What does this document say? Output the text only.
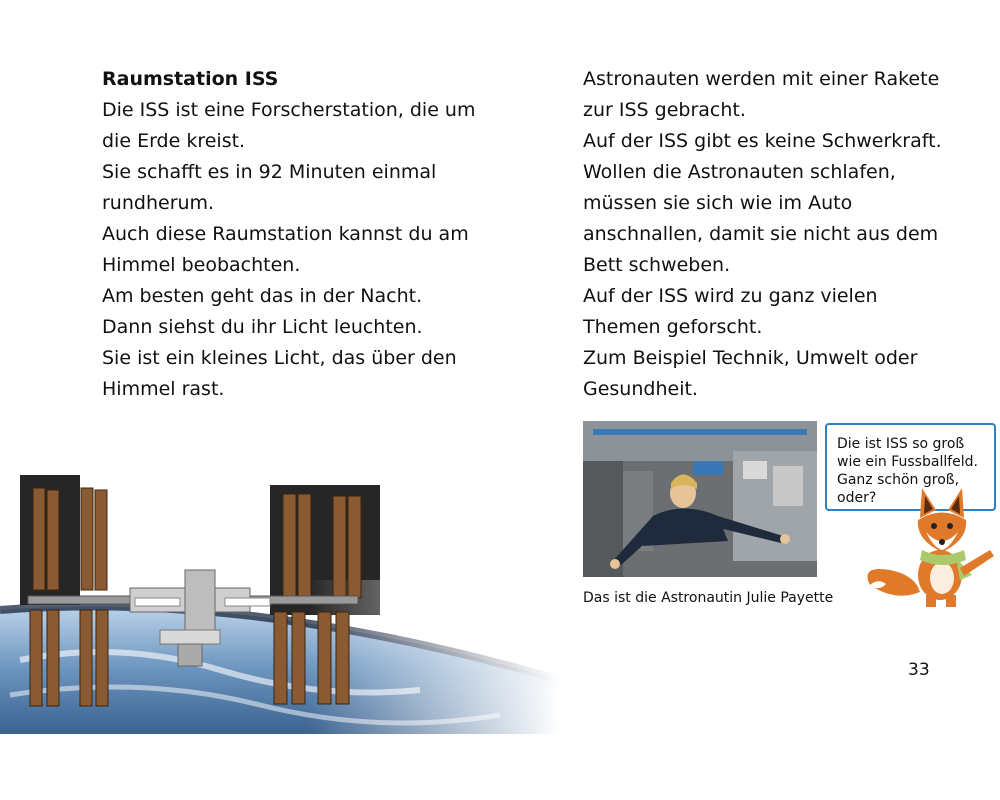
Raumstation ISS
Die ISS ist eine Forscherstation, die um
die Erde kreist.
Sie schafft es in 92 Minuten einmal
rundherum.
Auch diese Raumstation kannst du am
Himmel beobachten.
Am besten geht das in der Nacht.
Dann siehst du ihr Licht leuchten.
Sie ist ein kleines Licht, das über den
Himmel rast.
Astronauten werden mit einer Rakete
zur ISS gebracht.
Auf der ISS gibt es keine Schwerkraft.
Wollen die Astronauten schlafen,
müssen sie sich wie im Auto
anschnallen, damit sie nicht aus dem
Bett schweben.
Auf der ISS wird zu ganz vielen
Themen geforscht.
Zum Beispiel Technik, Umwelt oder
Gesundheit.
Das ist die Astronautin Julie Payette
Die ist ISS so groß
wie ein Fussballfeld.
Ganz schön groß,
oder?
33
